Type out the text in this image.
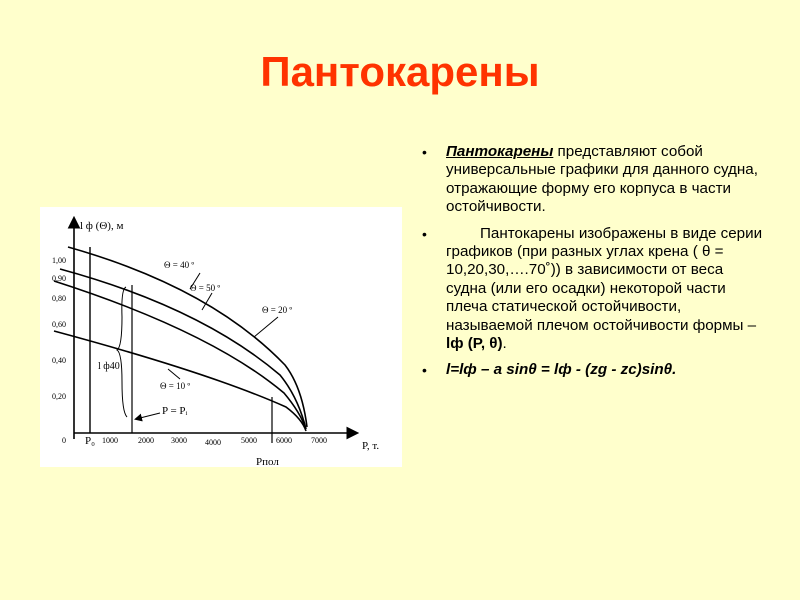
Пантокарены
l ф (Θ), м
P, т.
0
0,20
0,40
0,60
0,80
0,90
1,00
1000	2000 3000 4000	5000 6000 7000
P₀
Pпол
P = Pᵢ
l ф40
Θ = 40 º
Θ = 50 º
Θ = 20 º
Θ = 10 º
• Пантокарены представляют собой универсальные графики для данного судна, отражающие форму его корпуса в части остойчивости.
•	Пантокарены изображены в виде серии графиков (при разных углах крена ( θ = 10,20,30,….70˚)) в зависимости от веса судна (или его осадки) некоторой части плеча статической остойчивости, называемой плечом остойчивости формы – lф (Р, θ).
• l=lф – a sinθ = lф - (zg - zc)sinθ.
